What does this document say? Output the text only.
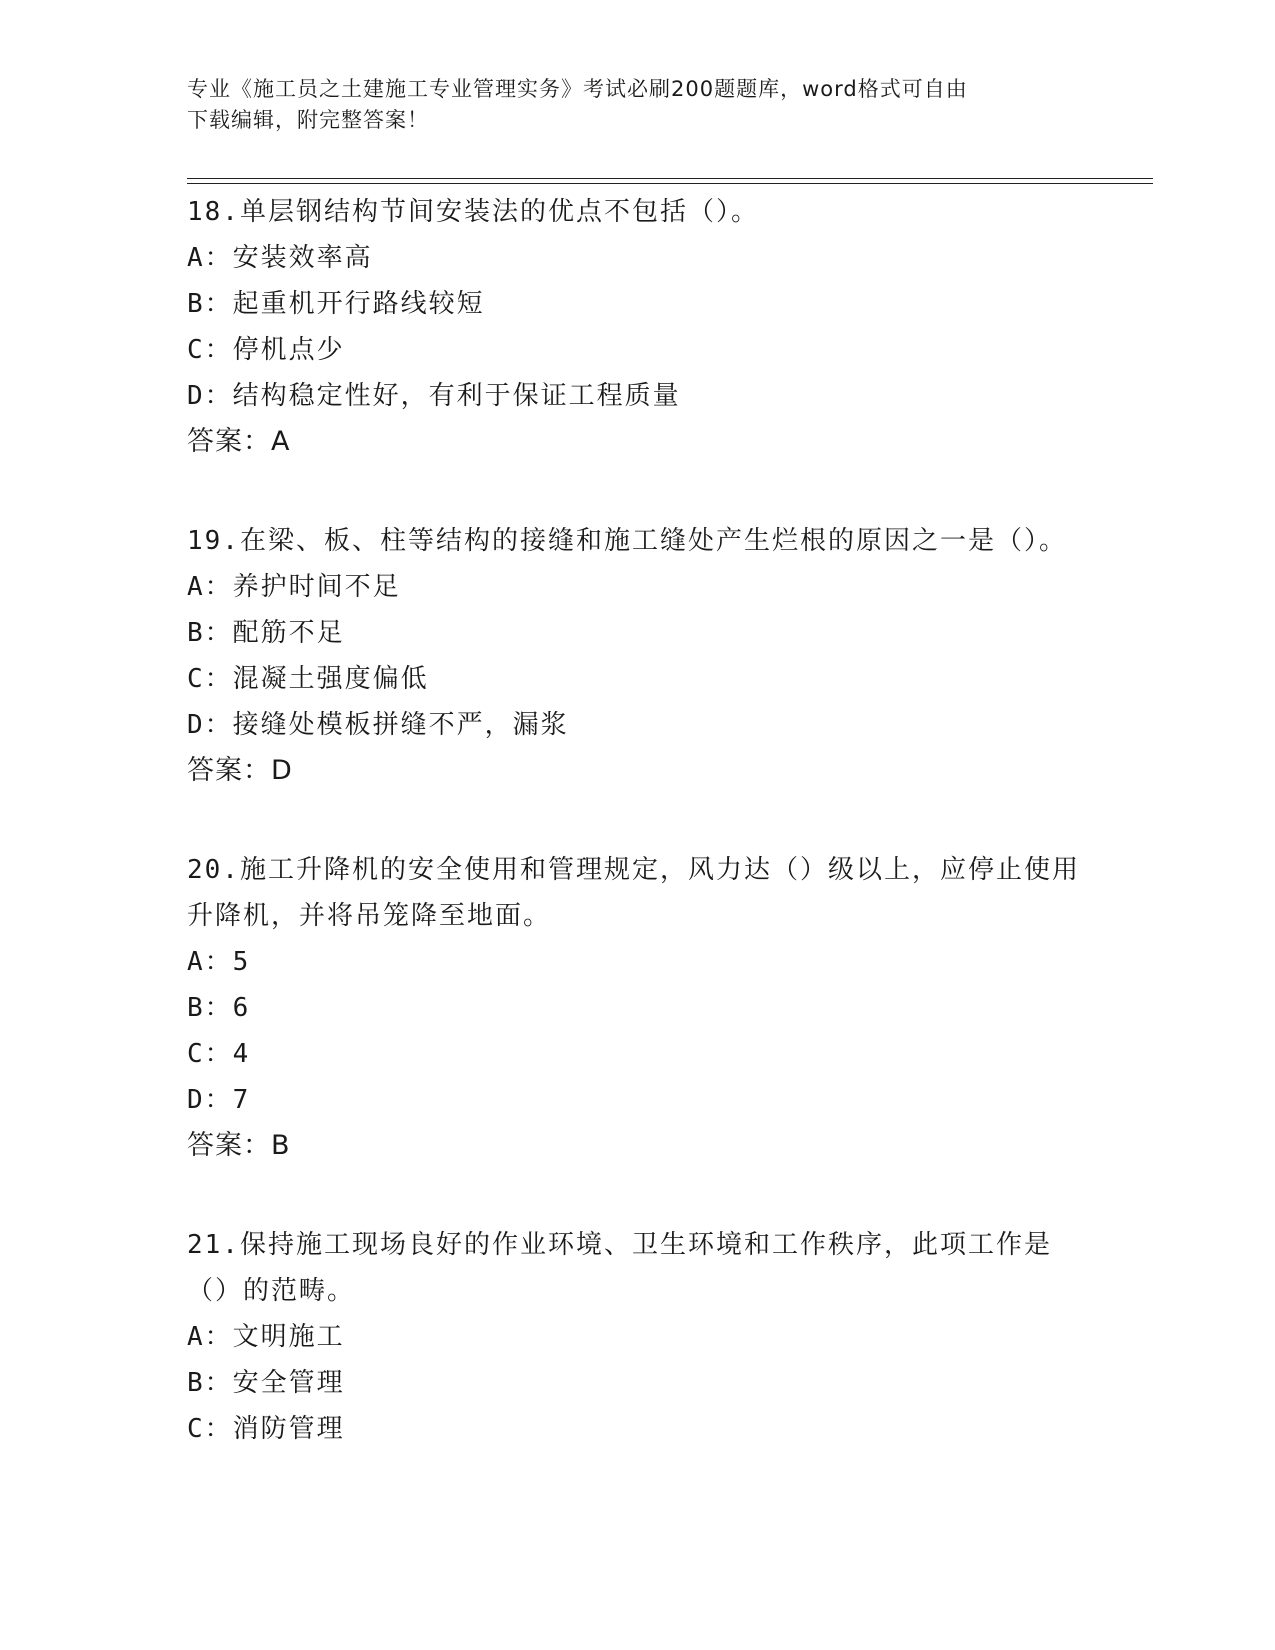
专业《施工员之土建施工专业管理实务》考试必刷200题题库，word格式可自由
下载编辑，附完整答案！
18.单层钢结构节间安装法的优点不包括（）。
A：安装效率高
B：起重机开行路线较短
C：停机点少
D：结构稳定性好，有利于保证工程质量
答案：A
19.在梁、板、柱等结构的接缝和施工缝处产生烂根的原因之一是（）。
A：养护时间不足
B：配筋不足
C：混凝土强度偏低
D：接缝处模板拼缝不严，漏浆
答案：D
20.施工升降机的安全使用和管理规定，风力达（）级以上，应停止使用升降机，并将吊笼降至地面。
A：5
B：6
C：4
D：7
答案：B
21.保持施工现场良好的作业环境、卫生环境和工作秩序，此项工作是（）的范畴。
A：文明施工
B：安全管理
C：消防管理
